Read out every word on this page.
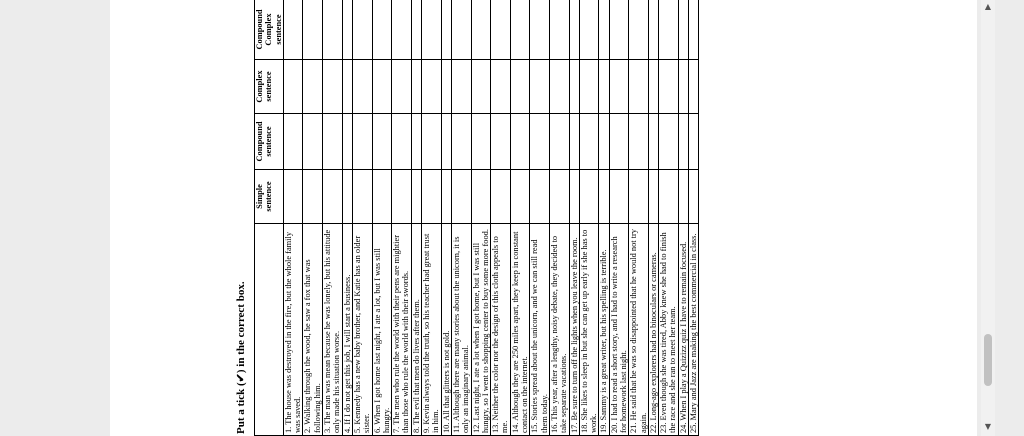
Put a tick (✔) in the correct box.
	Simple sentence	Compound sentence	Complex sentence	Compound Complex sentence
1. The house was destroyed in the fire, but the whole family was saved.				
2. Walking through the wood, he saw a fox that was following him.				
3. The man was mean because he was lonely, but his attitude only made his situation worse.				
4. If I do not get this job, I will start a business.				
5. Kennedy has a new baby brother, and Katie has an older sister.				
6. When I got home last night, I ate a lot, but I was still hungry.				
7. The men who rule the world with their pens are mightier than those who rule the world with their swords.				
8. The evil that men do lives after them.				
9. Kevin always told the truth, so his teacher had great trust in him.				
10. All that glitters is not gold.				
11. Although there are many stories about the unicorn, it is only an imaginary animal.				
12. Last night, I ate a lot when I got home, but I was still hungry, so I went to shopping center to buy some more food.				
13. Neither the color nor the design of this cloth appeals to me.				
14. Although they are 250 miles apart, they keep in constant contact on the internet.				
15. Stories spread about the unicorn, and we can still read them today.				
16. This year, after a lengthy, noisy debate, they decided to take separate vacations.				
17. Be sure to turn off the lights when you leave the room.				
18. She likes to sleep in but she can get up early if she has to work.				
19. Sammy is a great writer, but his spelling is terrible.				
20. I had to read a short story, and I had to write a research for homework last night.				
21. He said that he was so disappointed that he would not try again.				
22. Long-ago explorers had no binoculars or cameras.				
23. Even though she was tired, Abby knew she had to finish the race and she ran to meet her team.				
24. When I play a Quizizz quiz I have to remain focused.				
25. Mary and Jazz are making the best commercial in class.				
▲
▼
